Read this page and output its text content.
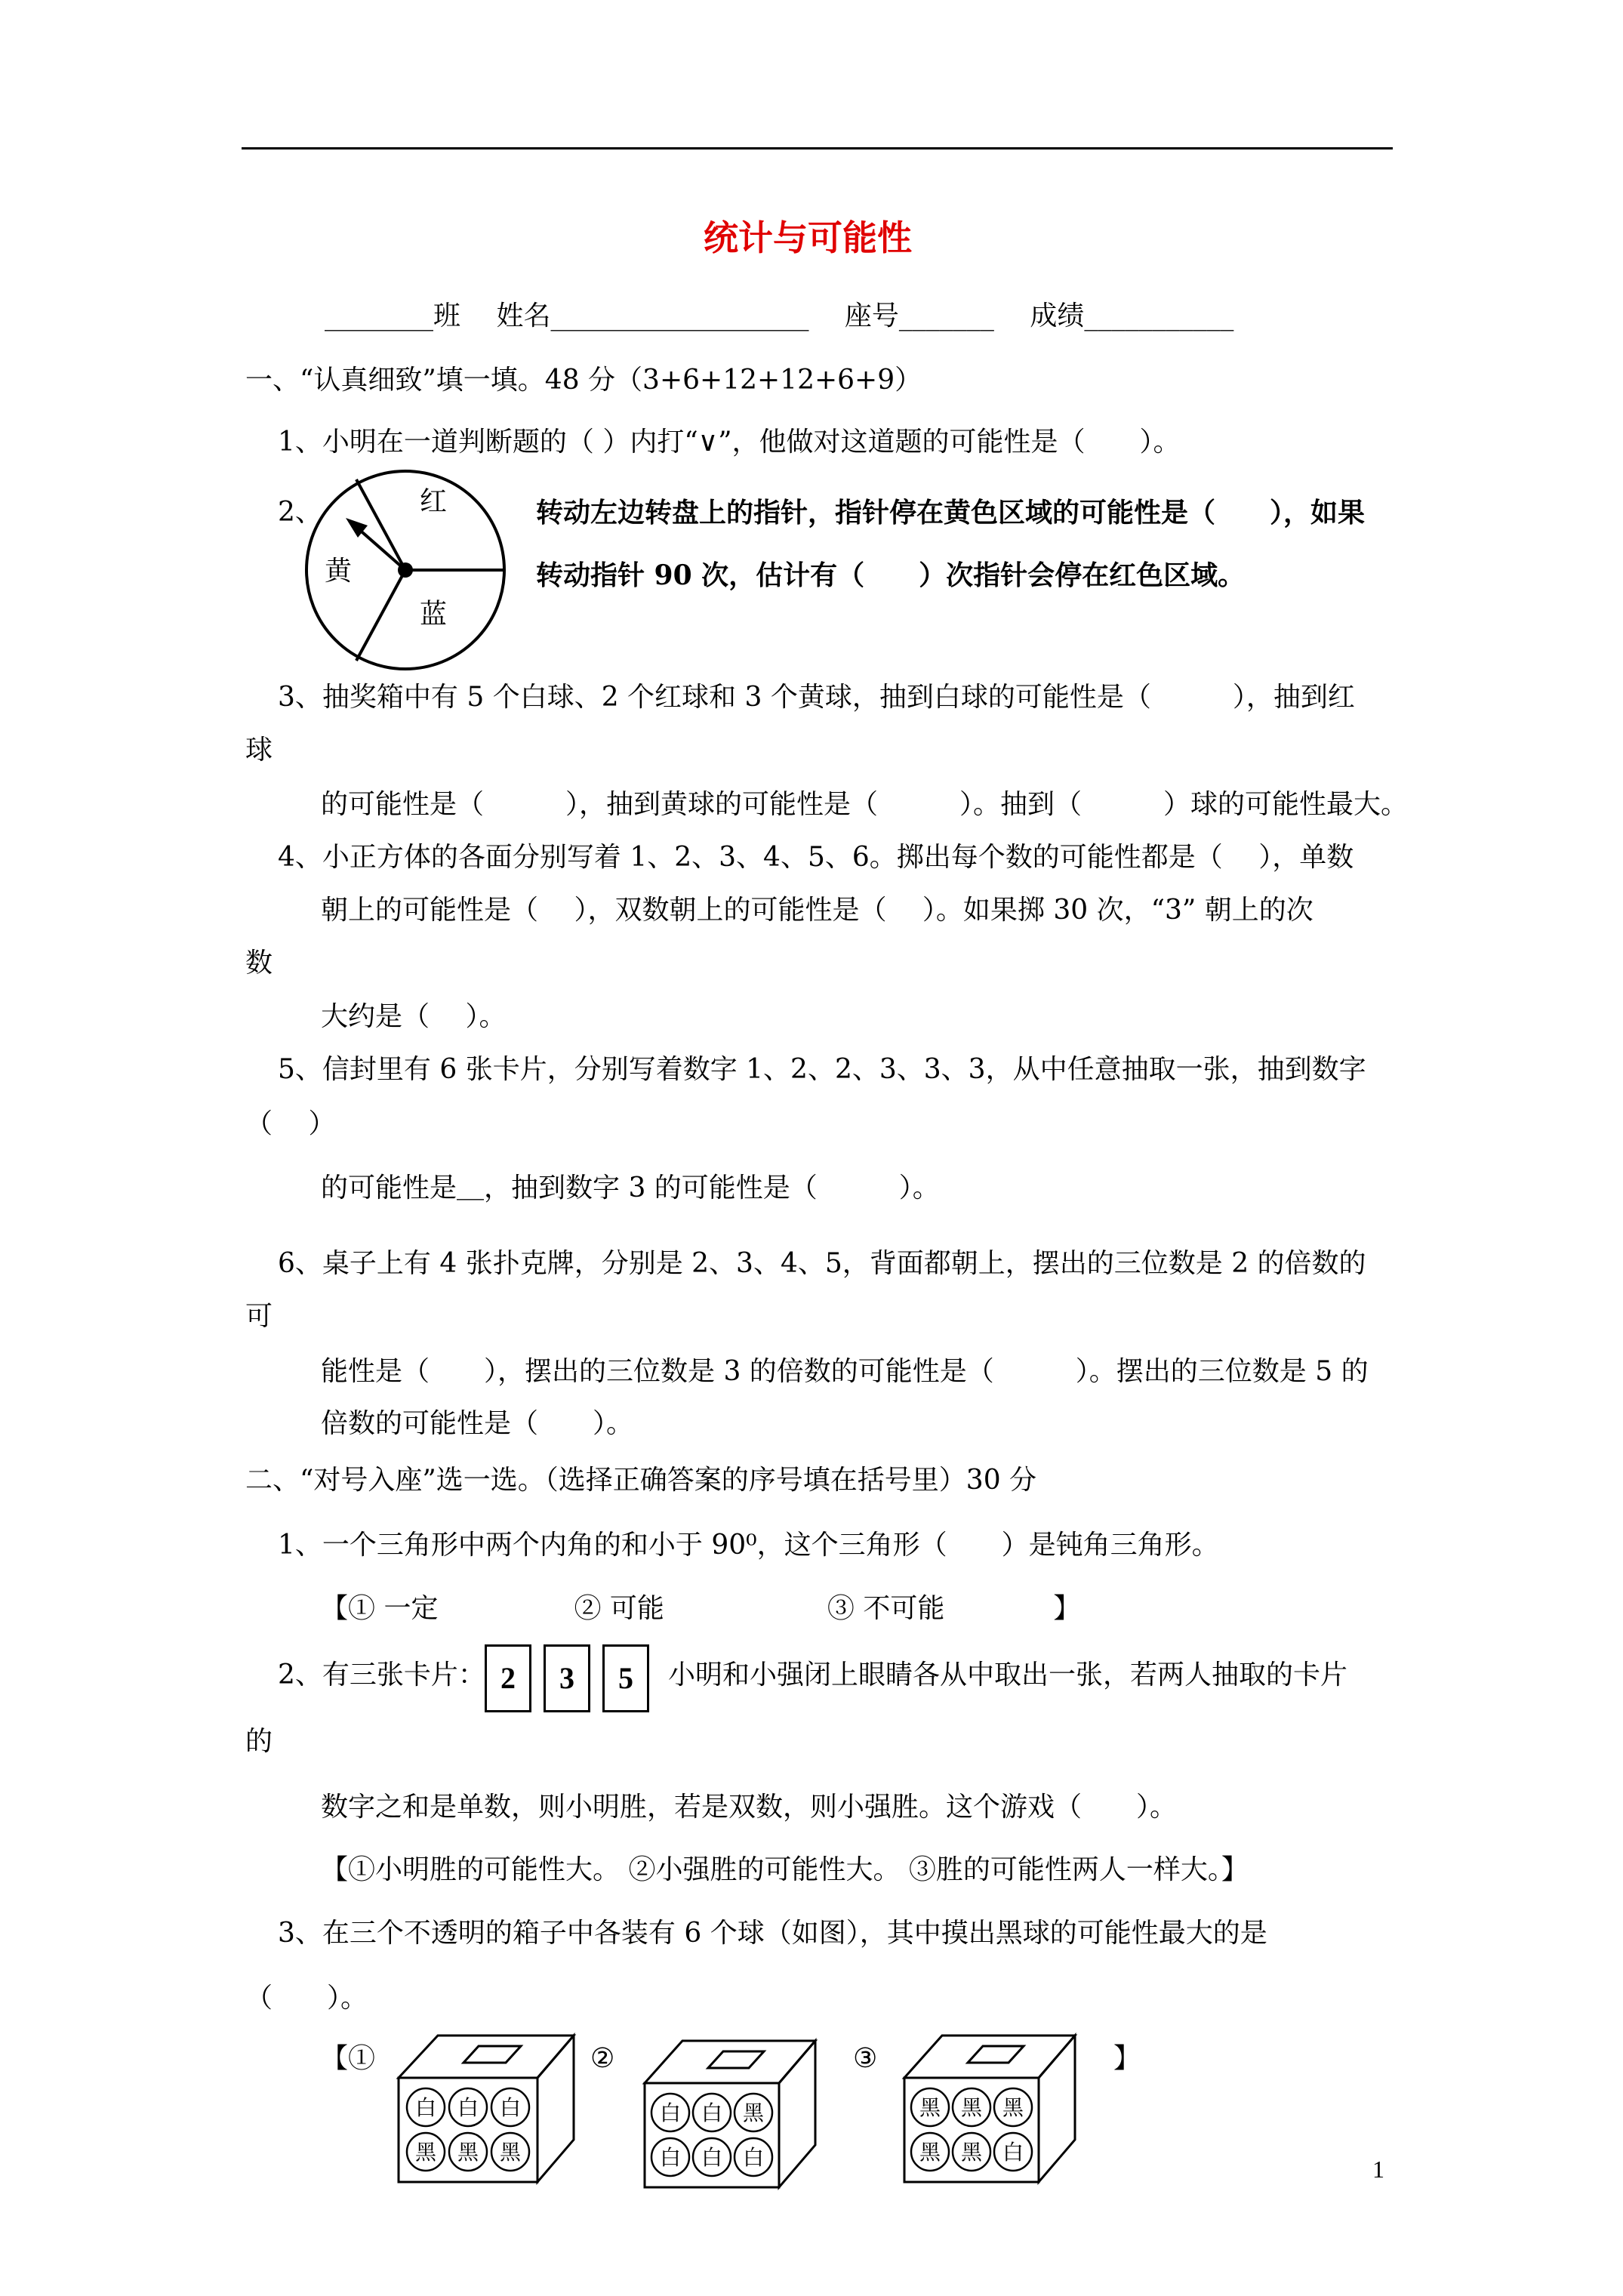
统计与可能性
________班　 姓名___________________　 座号_______　 成绩___________
一、“认真细致”填一填。48 分（3+6+12+12+6+9）
1、小明在一道判断题的（ ）内打“∨”，他做对这道题的可能性是（　　）。
2、	红
黄
蓝
转动左边转盘上的指针，指针停在黄色区域的可能性是（　　），如果
转动指针 90 次，估计有（　　）次指针会停在红色区域。
3、抽奖箱中有 5 个白球、2 个红球和 3 个黄球，抽到白球的可能性是（　　　），抽到红
球
的可能性是（　　　），抽到黄球的可能性是（　　　）。抽到（　　　）球的可能性最大。
4、小正方体的各面分别写着 1、2、3、4、5、6。掷出每个数的可能性都是（　 ），单数
朝上的可能性是（　 ），双数朝上的可能性是（　 ）。如果掷 30 次，“3” 朝上的次
数
大约是（　 ）。
5、信封里有 6 张卡片，分别写着数字 1、2、2、3、3、3，从中任意抽取一张，抽到数字
（　 ）
的可能性是＿，抽到数字 3 的可能性是（　　　）。
6、桌子上有 4 张扑克牌，分别是 2、3、4、5，背面都朝上，摆出的三位数是 2 的倍数的
可
能性是（　　），摆出的三位数是 3 的倍数的可能性是（　　　）。摆出的三位数是 5 的
倍数的可能性是（　　）。
二、“对号入座”选一选。（选择正确答案的序号填在括号里）30 分
1、一个三角形中两个内角的和小于 90⁰，这个三角形（　　）是钝角三角形。
【① 一定　　　　　② 可能　　　　　　③ 不可能　　　　】
2、有三张卡片： 2	3	5	小明和小强闭上眼睛各从中取出一张，若两人抽取的卡片
的
数字之和是单数，则小明胜，若是双数，则小强胜。这个游戏（　　）。
【①小明胜的可能性大。 ②小强胜的可能性大。 ③胜的可能性两人一样大。】
3、在三个不透明的箱子中各装有 6 个球（如图），其中摸出黑球的可能性最大的是
（　　）。
【①	②	③	】
白 白 白
黑 黑 黑
白 白 黑
白 白 白
黑 黑 黑
黑 黑 白
1
